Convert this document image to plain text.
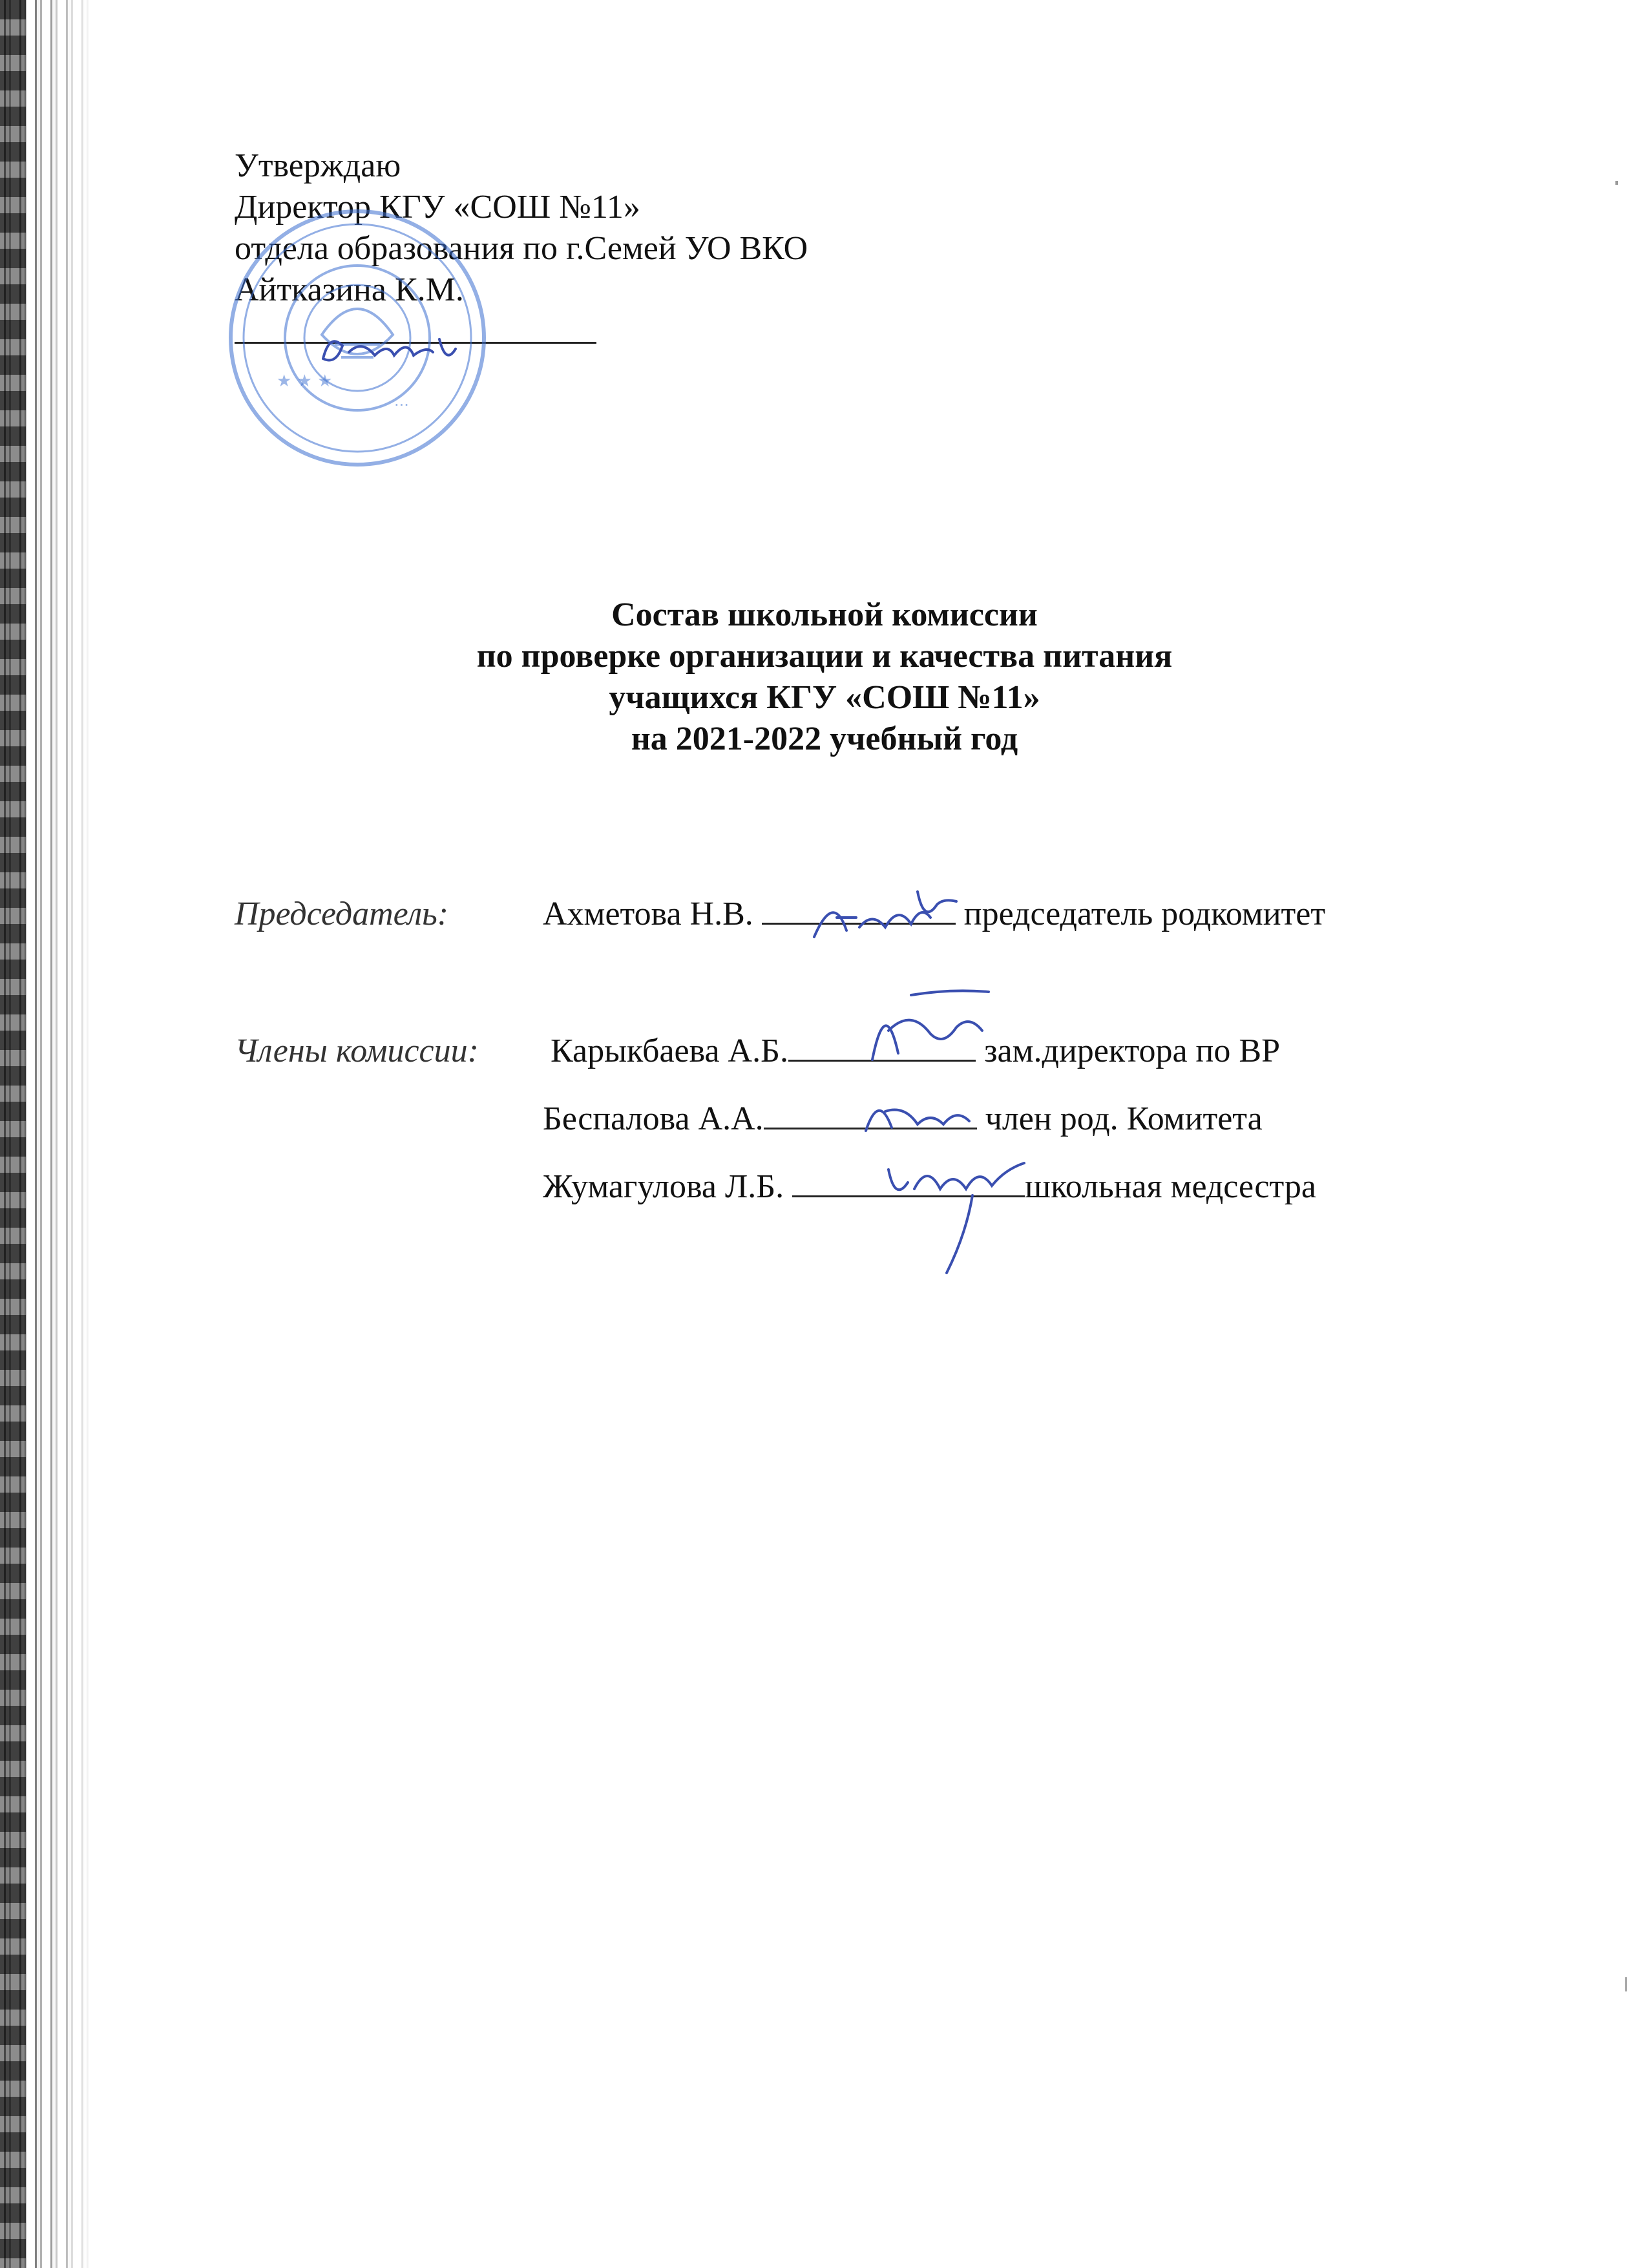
Утверждаю
Директор КГУ «СОШ №11»
отдела образования по г.Семей УО ВКО
Айтказина К.М.
★ ★ ★
...
Состав школьной комиссии
по проверке организации и качества питания
учащихся КГУ «СОШ №11»
на 2021-2022 учебный год
Председатель:	Ахметова Н.В.	председатель родкомитет
Члены комиссии: Карыкбаева А.Б.	зам.директора по ВР
Беспалова А.А.	член род. Комитета
Жумагулова Л.Б.	школьная медсестра
